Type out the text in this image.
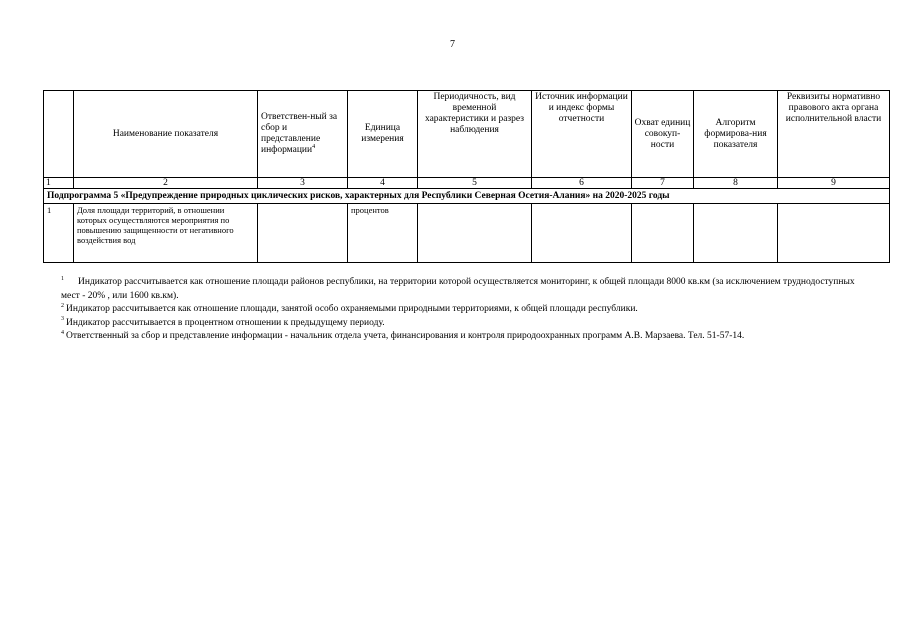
7
	Наименование показателя	Ответствен-ный за сбор и представление информации$^4$	Единица измерения	Периодичность, вид временной характеристики и разрез наблюдения	Источник информации и индекс формы отчетности	Охват единиц совокуп-ности	Алгоритм формирова-ния показателя	Реквизиты нормативно правового акта органа исполнительной власти
1	2	3	4	5	6	7	8	9
Подпрограмма 5 «Предупреждение природных циклических рисков, характерных для Республики Северная Осетия-Алания» на 2020-2025 годы								
1	Доля площади территорий, в отношении которых осуществляются мероприятия по повышению защищенности от негативного воздействия вод		процентов					

$^1$ Индикатор рассчитывается как отношение площади районов республики, на территории которой осуществляется мониторинг, к общей площади 8000 кв.км (за исключением труднодоступных мест - 20% , или 1600 кв.км).

$^2$ Индикатор рассчитывается как отношение площади, занятой особо охраняемыми природными территориями, к общей площади республики.

$^3$ Индикатор рассчитывается в процентном отношении к предыдущему периоду.

$^4$ Ответственный за сбор и представление информации - начальник отдела учета, финансирования и контроля природоохранных программ А.В. Марзаева. Тел. 51-57-14.
